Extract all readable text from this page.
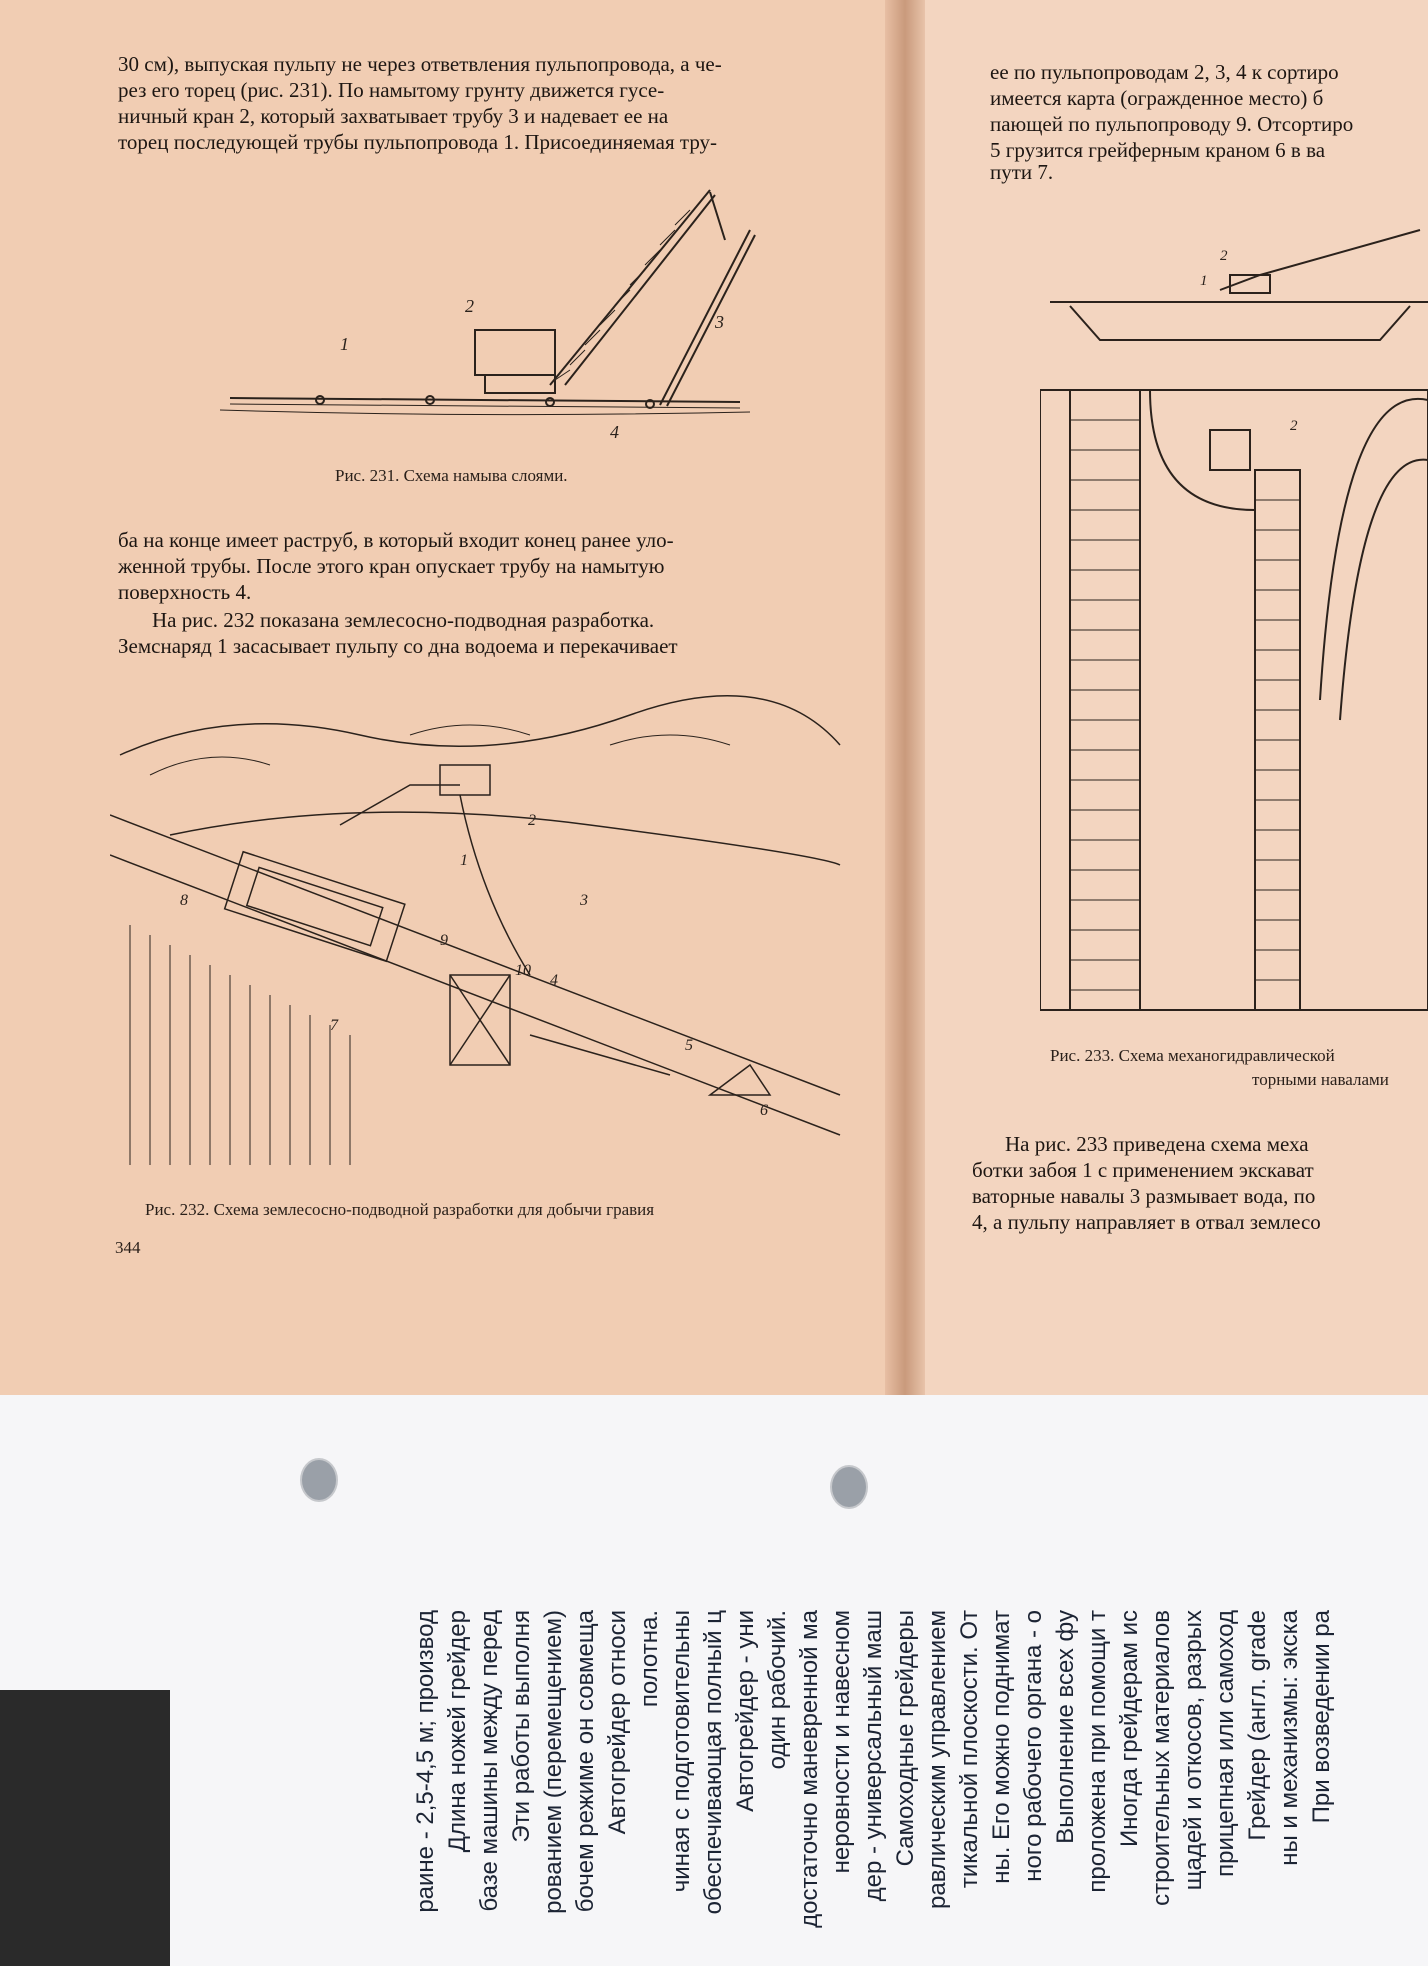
30 см), выпуская пульпу не через ответвления пульпопровода, а че-
рез его торец (рис. 231). По намытому грунту движется гусе-
ничный кран 2, который захватывает трубу 3 и надевает ее на
торец последующей трубы пульпопровода 1. Присоединяемая тру-
1
2
3
4
Рис. 231. Схема намыва слоями.
ба на конце имеет раструб, в который входит конец ранее уло-
женной трубы. После этого кран опускает трубу на намытую
поверхность 4.
На рис. 232 показана землесосно-подводная разработка.
Земснаряд 1 засасывает пульпу со дна водоема и перекачивает
1
2
3
4
5
6
7
8
9
10
Рис. 232. Схема землесосно-подводной разработки для добычи гравия
344
ее по пульпопроводам 2, 3, 4 к сортиро
имеется карта (огражденное место) б
пающей по пульпопроводу 9. Отсортиро
5 грузится грейферным краном 6 в ва
пути 7.
1
2
2
Рис. 233. Схема механогидравлической
торными навалами
На рис. 233 приведена схема меха
ботки забоя 1 с применением экскават
ваторные навалы 3 размывает вода, по
4, а пульпу направляет в отвал землесо
При возведении ра
ны и механизмы: экска
Грейдер (англ. grade
прицепная или самоход
щадей и откосов, разрых
строительных материалов
Иногда грейдерам ис
проложена при помощи т
Выполнение всех фу
ного рабочего органа - о
ны. Его можно поднимат
тикальной плоскости. От
равлическим управлением
Самоходные грейдеры
дер - универсальный маш
неровности и навесном
достаточно маневренной ма
один рабочий.
Автогрейдер - уни
обеспечивающая полный ц
чиная с подготовительны
полотна.
Автогрейдер относи
бочем режиме он совмеща
рованием (перемещением)
Эти работы выполня
базе машины между перед
Длина ножей грейдер
раине - 2,5-4,5 м; производ
